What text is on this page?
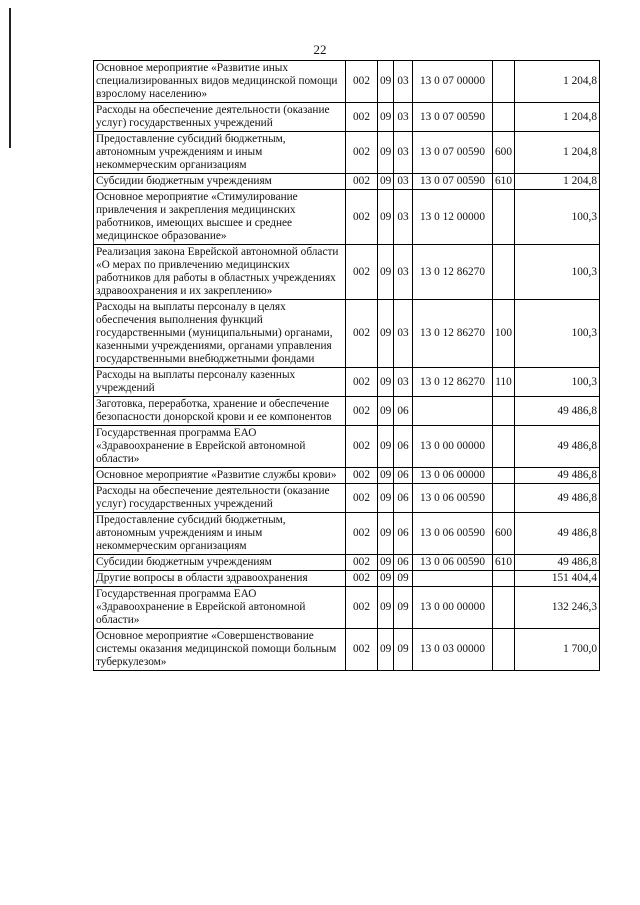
22
Основное мероприятие «Развитие иных специализированных видов медицинской помощи взрослому населению»	002	09	03	13 0 07 00000		1 204,8
Расходы на обеспечение деятельности (оказание услуг) государственных учреждений	002	09	03	13 0 07 00590		1 204,8
Предоставление субсидий бюджетным, автономным учреждениям и иным некоммерческим организациям	002	09	03	13 0 07 00590	600	1 204,8
Субсидии бюджетным учреждениям	002	09	03	13 0 07 00590	610	1 204,8
Основное мероприятие «Стимулирование привлечения и закрепления медицинских работников, имеющих высшее и среднее медицинское образование»	002	09	03	13 0 12 00000		100,3
Реализация закона Еврейской автономной области «О мерах по привлечению медицинских работников для работы в областных учреждениях здравоохранения и их закреплению»	002	09	03	13 0 12 86270		100,3
Расходы на выплаты персоналу в целях обеспечения выполнения функций государственными (муниципальными) органами, казенными учреждениями, органами управления государственными внебюджетными фондами	002	09	03	13 0 12 86270	100	100,3
Расходы на выплаты персоналу казенных учреждений	002	09	03	13 0 12 86270	110	100,3
Заготовка, переработка, хранение и обеспечение безопасности донорской крови и ее компонентов	002	09	06			49 486,8
Государственная программа ЕАО «Здравоохранение в Еврейской автономной области»	002	09	06	13 0 00 00000		49 486,8
Основное мероприятие «Развитие службы крови»	002	09	06	13 0 06 00000		49 486,8
Расходы на обеспечение деятельности (оказание услуг) государственных учреждений	002	09	06	13 0 06 00590		49 486,8
Предоставление субсидий бюджетным, автономным учреждениям и иным некоммерческим организациям	002	09	06	13 0 06 00590	600	49 486,8
Субсидии бюджетным учреждениям	002	09	06	13 0 06 00590	610	49 486,8
Другие вопросы в области здравоохранения	002	09	09			151 404,4
Государственная программа ЕАО «Здравоохранение в Еврейской автономной области»	002	09	09	13 0 00 00000		132 246,3
Основное мероприятие «Совершенствование системы оказания медицинской помощи больным туберкулезом»	002	09	09	13 0 03 00000		1 700,0
